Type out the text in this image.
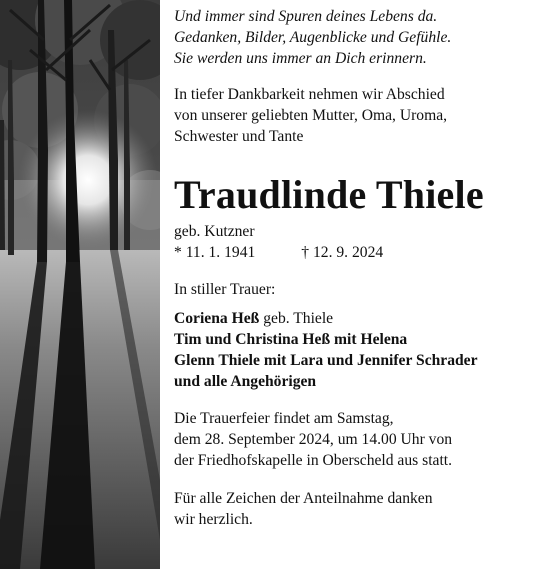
Und immer sind Spuren deines Lebens da.
Gedanken, Bilder, Augenblicke und Gefühle.
Sie werden uns immer an Dich erinnern.
In tiefer Dankbarkeit nehmen wir Abschied
von unserer geliebten Mutter, Oma, Uroma,
Schwester und Tante
Traudlinde Thiele
geb. Kutzner
* 11. 1. 1941	† 12. 9. 2024
In stiller Trauer:
Coriena Heß geb. Thiele
Tim und Christina Heß mit Helena
Glenn Thiele mit Lara und Jennifer Schrader
und alle Angehörigen
Die Trauerfeier findet am Samstag,
dem 28. September 2024, um 14.00 Uhr von
der Friedhofskapelle in Oberscheld aus statt.
Für alle Zeichen der Anteilnahme danken
wir herzlich.
